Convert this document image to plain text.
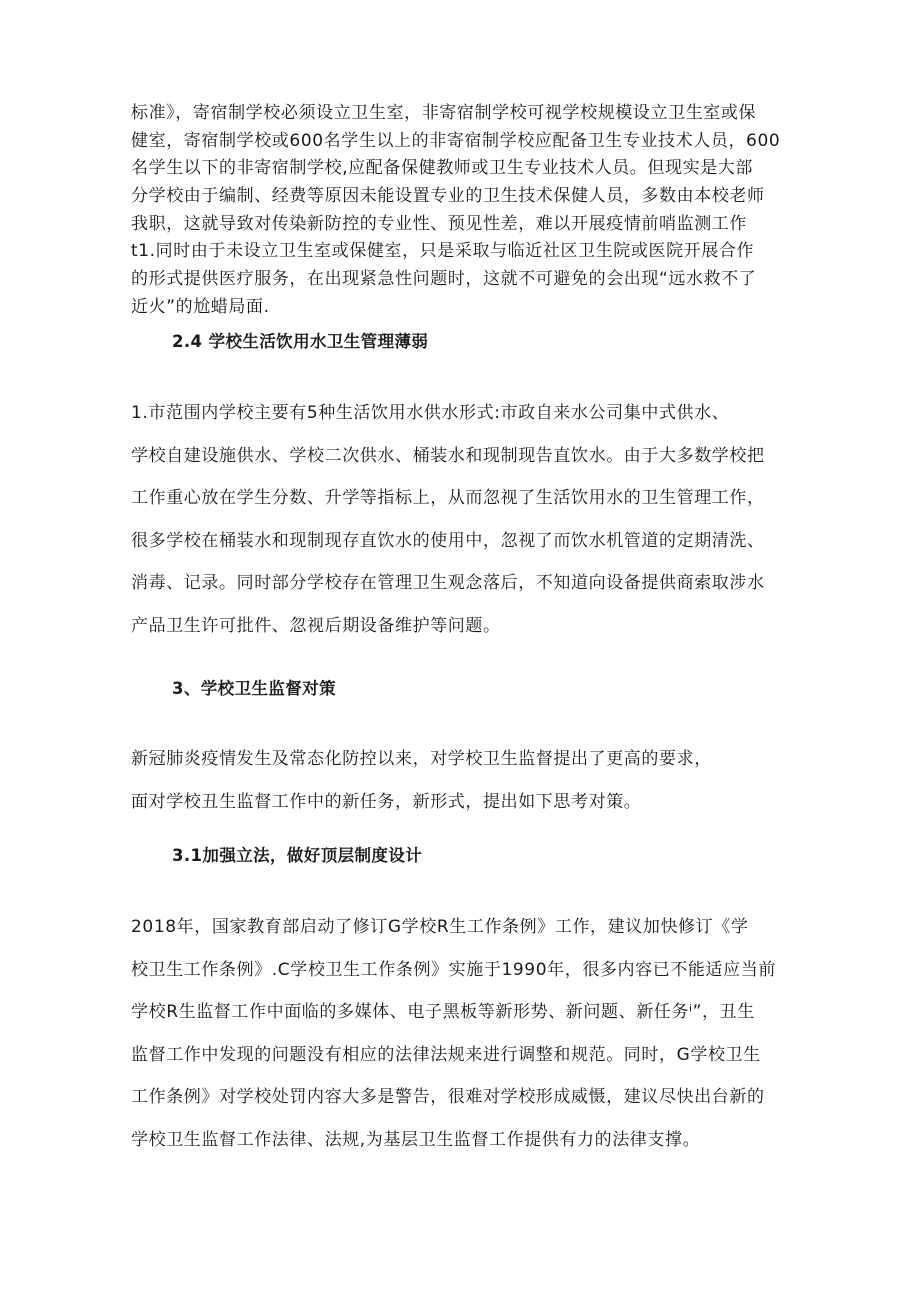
标准》，寄宿制学校必须设立卫生室，非寄宿制学校可视学校规模设立卫生室或保
健室，寄宿制学校或600名学生以上的非寄宿制学校应配备卫生专业技术人员，600
名学生以下的非寄宿制学校,应配备保健教师或卫生专业技术人员。但现实是大部
分学校由于编制、经费等原因未能设置专业的卫生技术保健人员，多数由本校老师
我职，这就导致对传染新防控的专业性、预见性差，难以开展疫情前哨监测工作
t1.同时由于未设立卫生室或保健室，只是采取与临近社区卫生院或医院开展合作
的形式提供医疗服务，在出现紧急性问题时，这就不可避免的会出现“远水救不了
近火”的尬蜡局面.
2.4 学校生活饮用水卫生管理薄弱
1.市范围内学校主要有5种生活饮用水供水形式:市政自来水公司集中式供水、
学校自建设施供水、学校二次供水、桶装水和现制现告直饮水。由于大多数学校把
工作重心放在学生分数、升学等指标上，从而忽视了生活饮用水的卫生管理工作，
很多学校在桶装水和现制现存直饮水的使用中，忽视了而饮水机管道的定期清洗、
消毒、记录。同时部分学校存在管理卫生观念落后，不知道向设备提供商索取涉水
产品卫生许可批件、忽视后期设备维护等问题。
3、学校卫生监督对策
新冠肺炎疫情发生及常态化防控以来，对学校卫生监督提出了更高的要求，
面对学校丑生监督工作中的新任务，新形式，提出如下思考对策。
3.1加强立法，做好顶层制度设计
2018年，国家教育部启动了修订G学校R生工作条例》工作，建议加快修订《学
校卫生工作条例》.C学校卫生工作条例》实施于1990年，很多内容已不能适应当前
学校R生监督工作中面临的多媒体、电子黑板等新形势、新问题、新任务ⁱ”，丑生
监督工作中发现的问题没有相应的法律法规来进行调整和规范。同时，G学校卫生
工作条例》对学校处罚内容大多是警告，很难对学校形成威慑，建议尽快出台新的
学校卫生监督工作法律、法规,为基层卫生监督工作提供有力的法律支撑。
